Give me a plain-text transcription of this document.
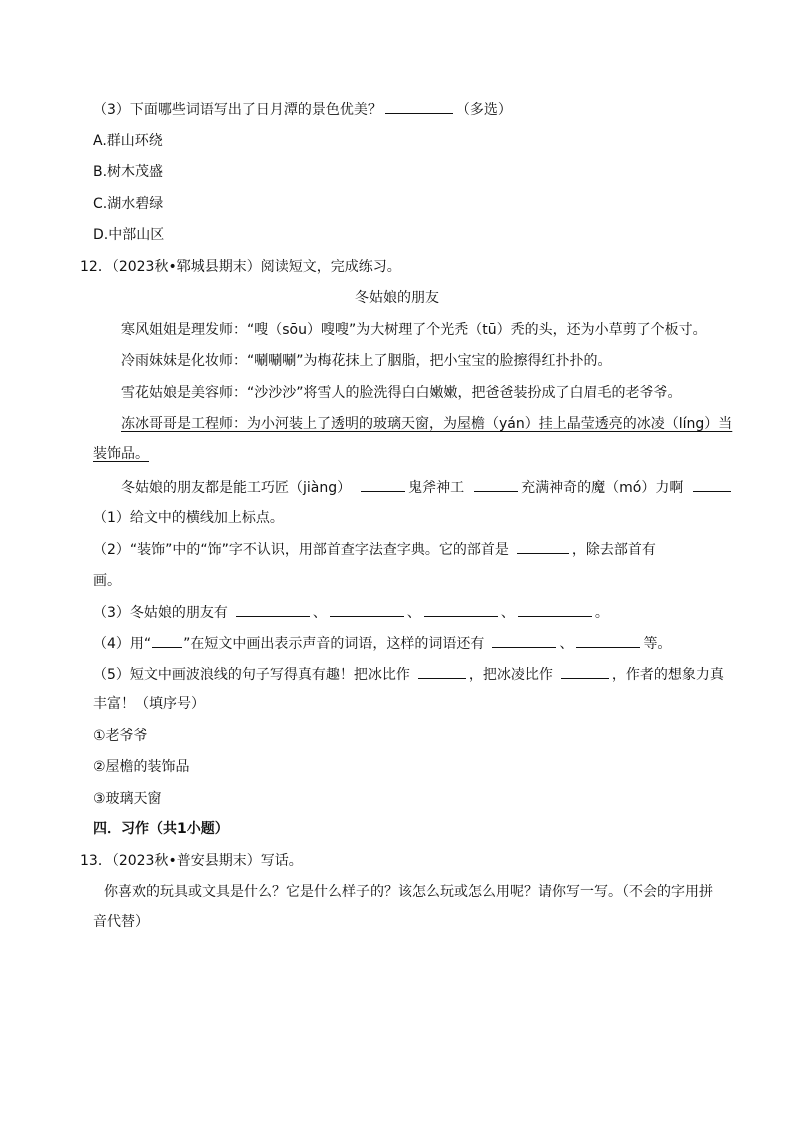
（3）下面哪些词语写出了日月潭的景色优美？	（多选）
A.群山环绕
B.树木茂盛
C.湖水碧绿
D.中部山区
12．（2023秋•郓城县期末）阅读短文，完成练习。
冬姑娘的朋友
寒风姐姐是理发师：“嗖（sōu）嗖嗖”为大树理了个光秃（tū）秃的头，还为小草剪了个板寸。
冷雨妹妹是化妆师：“唰唰唰”为梅花抹上了胭脂，把小宝宝的脸擦得红扑扑的。
雪花姑娘是美容师：“沙沙沙”将雪人的脸洗得白白嫩嫩，把爸爸装扮成了白眉毛的老爷爷。
冻冰哥哥是工程师：为小河装上了透明的玻璃天窗，为屋檐（yán）挂上晶莹透亮的冰凌（líng）当
装饰品。
冬姑娘的朋友都是能工巧匠（jiàng）	鬼斧神工	充满神奇的魔（mó）力啊
（1）给文中的横线加上标点。
（2）“装饰”中的“饰”字不认识，用部首查字法查字典。它的部首是	，除去部首有
画。
（3）冬姑娘的朋友有	、	、	、	。
（4）用“ ”在短文中画出表示声音的词语，这样的词语还有	、	等。
（5）短文中画波浪线的句子写得真有趣！把冰比作	，把冰凌比作	，作者的想象力真
丰富！（填序号）
①老爷爷
②屋檐的装饰品
③玻璃天窗
四．习作（共1小题）
13．（2023秋•普安县期末）写话。
你喜欢的玩具或文具是什么？它是什么样子的？该怎么玩或怎么用呢？请你写一写。（不会的字用拼
音代替）
